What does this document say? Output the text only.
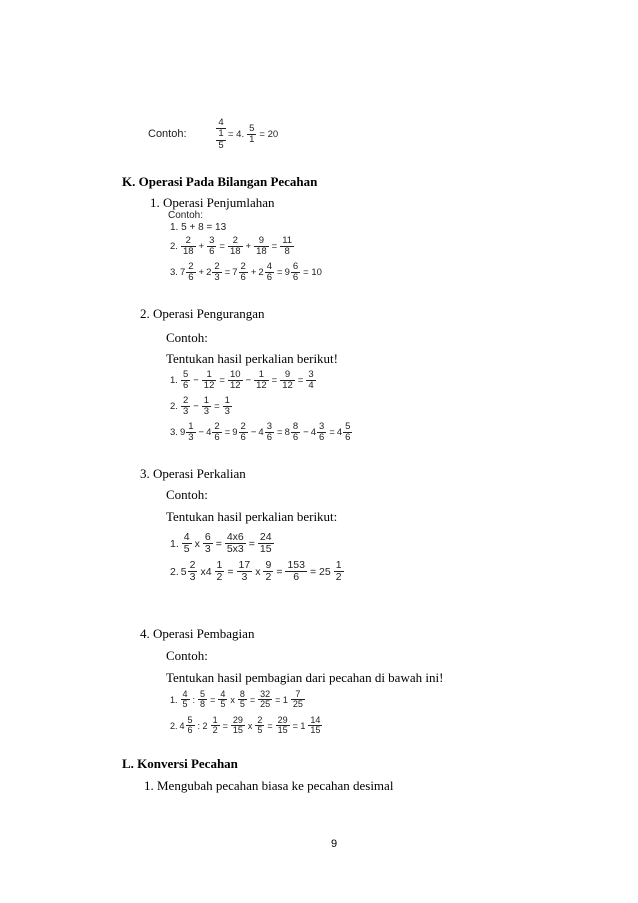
Contoh:
4
1
5
= 4. $\frac{5}{1} = 20$
K. Operasi Pada Bilangan Pecahan
1. Operasi Penjumlahan
Contoh:
1. 5 + 8 = 13
2. $\frac{2}{18} + \frac{3}{6} = \frac{2}{18} + \frac{9}{18} = \frac{11}{8}$
3. $7 \frac{2}{6} + 2 \frac{2}{3} = 7 \frac{2}{6} + 2 \frac{4}{6} = 9 \frac{6}{6} = 10$
2. Operasi Pengurangan
Contoh:
Tentukan hasil perkalian berikut!
1. $\frac{5}{6} - \frac{1}{12} = \frac{10}{12} - \frac{1}{12} = \frac{9}{12} = \frac{3}{4}$
2. $\frac{2}{3} - \frac{1}{3} = \frac{1}{3}$
3. $9 \frac{1}{3} - 4 \frac{2}{6} = 9 \frac{2}{6} - 4 \frac{3}{6} = 8 \frac{8}{6} - 4 \frac{3}{6} = 4 \frac{5}{6}$
3. Operasi Perkalian
Contoh:
Tentukan hasil perkalian berikut:
1. $\frac{4}{5}$ x $\frac{6}{3} = \frac{4x6}{5x3} = \frac{24}{15}$
2. $5 \frac{2}{3} x4 \frac{1}{2} = \frac{17}{3}$ x $\frac{9}{2} = \frac{153}{6} = 25 \frac{1}{2}$
4. Operasi Pembagian
Contoh:
Tentukan hasil pembagian dari pecahan di bawah ini!
1. $\frac{4}{5}$ : $\frac{5}{8} = \frac{4}{5}$ x $\frac{8}{5} = \frac{32}{25} = 1 \frac{7}{25}$
2. $4 \frac{5}{6}$ : $2 \frac{1}{2} = \frac{29}{15}$ x $\frac{2}{5} = \frac{29}{15} = 1 \frac{14}{15}$
L. Konversi Pecahan
1. Mengubah pecahan biasa ke pecahan desimal
9
